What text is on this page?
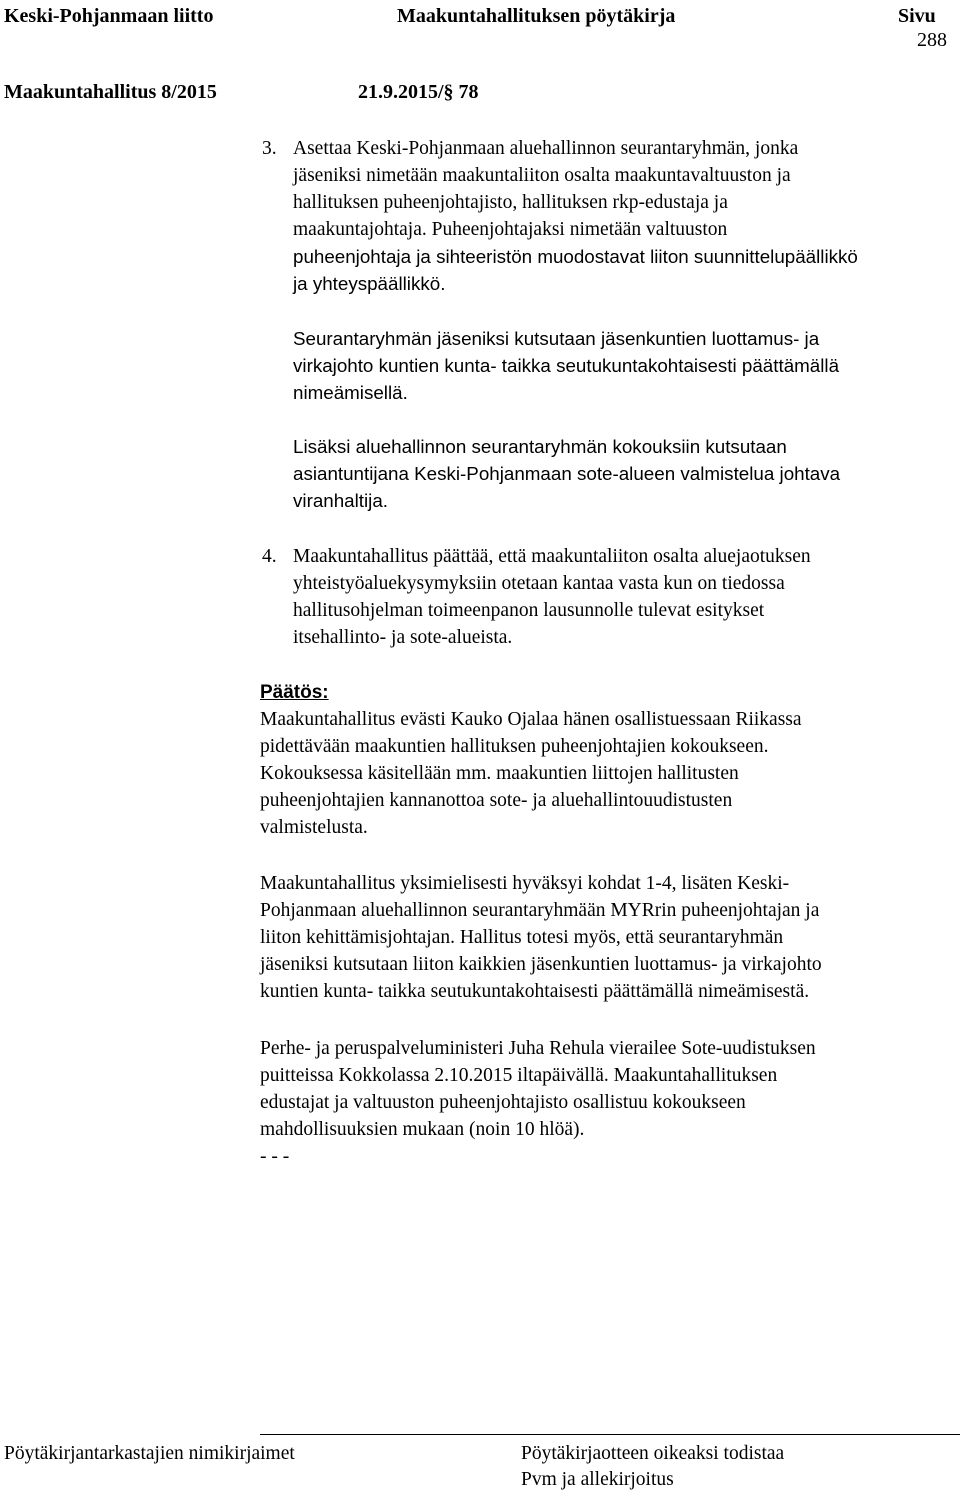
Keski-Pohjanmaan liitto	Maakuntahallituksen pöytäkirja	Sivu
288
Maakuntahallitus 8/2015	21.9.2015/§ 78
3. Asettaa Keski-Pohjanmaan aluehallinnon seurantaryhmän, jonka
jäseniksi nimetään maakuntaliiton osalta maakuntavaltuuston ja
hallituksen puheenjohtajisto, hallituksen rkp-edustaja ja
maakuntajohtaja. Puheenjohtajaksi nimetään valtuuston
puheenjohtaja ja sihteeristön muodostavat liiton suunnittelupäällikkö
ja yhteyspäällikkö.
Seurantaryhmän jäseniksi kutsutaan jäsenkuntien luottamus- ja
virkajohto kuntien kunta- taikka seutukuntakohtaisesti päättämällä
nimeämisellä.
Lisäksi aluehallinnon seurantaryhmän kokouksiin kutsutaan
asiantuntijana Keski-Pohjanmaan sote-alueen valmistelua johtava
viranhaltija.
4. Maakuntahallitus päättää, että maakuntaliiton osalta aluejaotuksen
yhteistyöaluekysymyksiin otetaan kantaa vasta kun on tiedossa
hallitusohjelman toimeenpanon lausunnolle tulevat esitykset
itsehallinto- ja sote-alueista.
Päätös:
Maakuntahallitus evästi Kauko Ojalaa hänen osallistuessaan Riikassa
pidettävään maakuntien hallituksen puheenjohtajien kokoukseen.
Kokouksessa käsitellään mm. maakuntien liittojen hallitusten
puheenjohtajien kannanottoa sote- ja aluehallintouudistusten
valmistelusta.
Maakuntahallitus yksimielisesti hyväksyi kohdat 1-4, lisäten Keski-
Pohjanmaan aluehallinnon seurantaryhmään MYRrin puheenjohtajan ja
liiton kehittämisjohtajan. Hallitus totesi myös, että seurantaryhmän
jäseniksi kutsutaan liiton kaikkien jäsenkuntien luottamus- ja virkajohto
kuntien kunta- taikka seutukuntakohtaisesti päättämällä nimeämisestä.
Perhe- ja peruspalveluministeri Juha Rehula vierailee Sote-uudistuksen
puitteissa Kokkolassa 2.10.2015 iltapäivällä. Maakuntahallituksen
edustajat ja valtuuston puheenjohtajisto osallistuu kokoukseen
mahdollisuuksien mukaan (noin 10 hlöä).
- - -
Pöytäkirjantarkastajien nimikirjaimet	Pöytäkirjaotteen oikeaksi todistaa
Pvm ja allekirjoitus
